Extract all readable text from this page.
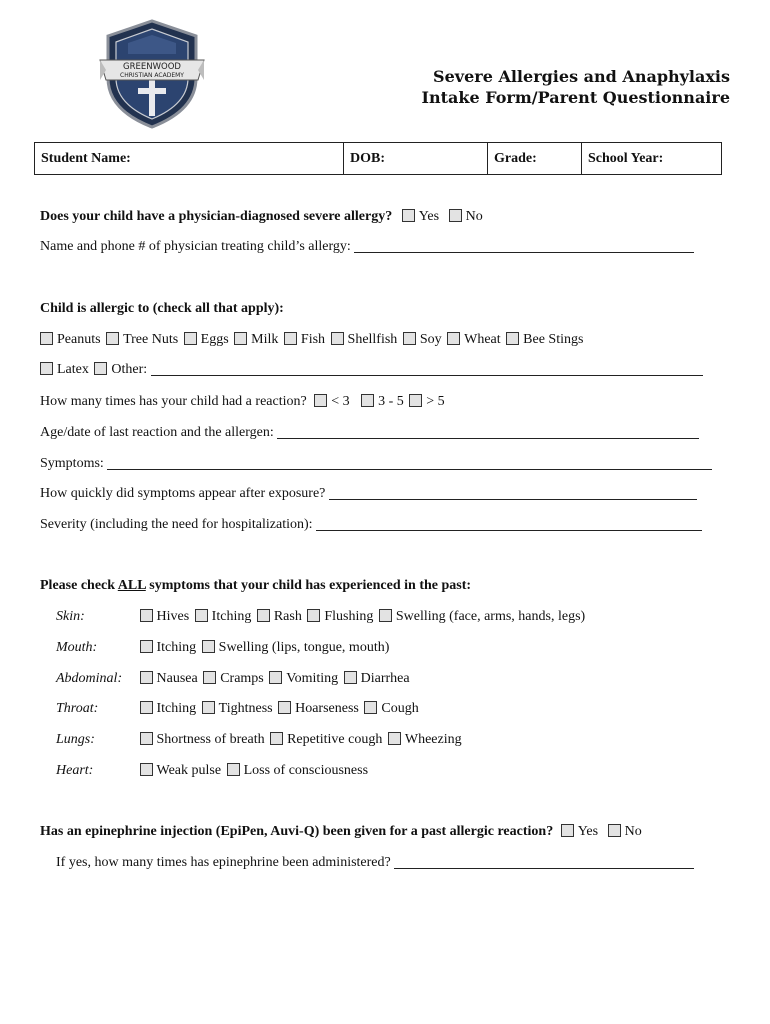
GREENWOOD
CHRISTIAN ACADEMY	Severe Allergies and Anaphylaxis
Intake Form/Parent Questionnaire
Student Name:	DOB:	Grade:	School Year:
Does your child have a physician-diagnosed severe allergy? Yes No
Name and phone # of physician treating child’s allergy:
Child is allergic to (check all that apply):
Peanuts Tree Nuts Eggs Milk Fish Shellfish Soy Wheat Bee Stings
Latex Other:
How many times has your child had a reaction? < 3 3 - 5 > 5
Age/date of last reaction and the allergen:
Symptoms:
How quickly did symptoms appear after exposure?
Severity (including the need for hospitalization):
Please check ALL symptoms that your child has experienced in the past:
Skin:	Hives Itching Rash Flushing Swelling (face, arms, hands, legs)
Mouth:	Itching Swelling (lips, tongue, mouth)
Abdominal: Nausea Cramps Vomiting Diarrhea
Throat:	Itching Tightness Hoarseness Cough
Lungs:	Shortness of breath Repetitive cough Wheezing
Heart:	Weak pulse Loss of consciousness
Has an epinephrine injection (EpiPen, Auvi-Q) been given for a past allergic reaction? Yes No
If yes, how many times has epinephrine been administered?
